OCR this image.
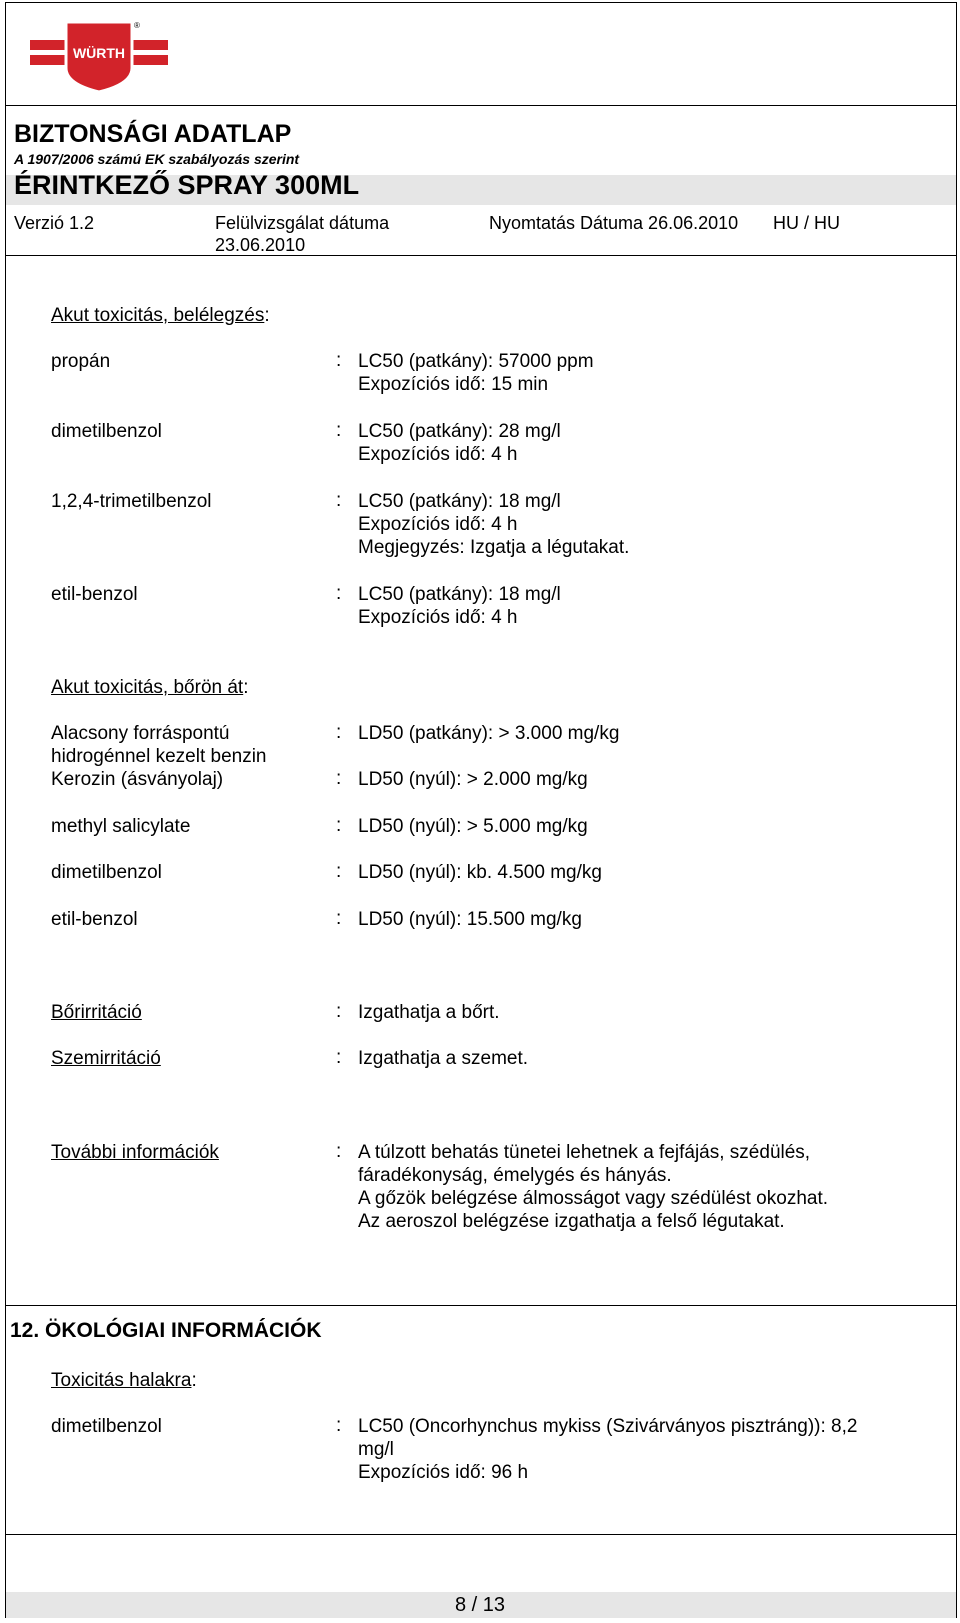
WÜRTH
®
BIZTONSÁGI ADATLAP
A 1907/2006 számú EK szabályozás szerint
ÉRINTKEZŐ SPRAY 300ML
Verzió 1.2	Felülvizsgálat dátuma
23.06.2010
Nyomtatás Dátuma 26.06.2010 HU / HU
Akut toxicitás, belélegzés:
propán	: LC50 (patkány): 57000 ppm
Expozíciós idő: 15 min
dimetilbenzol	: LC50 (patkány): 28 mg/l
Expozíciós idő: 4 h
1,2,4-trimetilbenzol	: LC50 (patkány): 18 mg/l
Expozíciós idő: 4 h
Megjegyzés: Izgatja a légutakat.
etil-benzol	: LC50 (patkány): 18 mg/l
Expozíciós idő: 4 h
Akut toxicitás, bőrön át:
Alacsony forráspontú
hidrogénnel kezelt benzin
: LD50 (patkány): > 3.000 mg/kg
Kerozin (ásványolaj)	: LD50 (nyúl): > 2.000 mg/kg
methyl salicylate	: LD50 (nyúl): > 5.000 mg/kg
dimetilbenzol	: LD50 (nyúl): kb. 4.500 mg/kg
etil-benzol	: LD50 (nyúl): 15.500 mg/kg
Bőrirritáció	: Izgathatja a bőrt.
Szemirritáció	: Izgathatja a szemet.
További információk	: A túlzott behatás tünetei lehetnek a fejfájás, szédülés,
fáradékonyság, émelygés és hányás.
A gőzök belégzése álmosságot vagy szédülést okozhat.
Az aeroszol belégzése izgathatja a felső légutakat.
12. ÖKOLÓGIAI INFORMÁCIÓK
Toxicitás halakra:
dimetilbenzol	: LC50 (Oncorhynchus mykiss (Szivárványos pisztráng)): 8,2
mg/l
Expozíciós idő: 96 h
8 / 13
